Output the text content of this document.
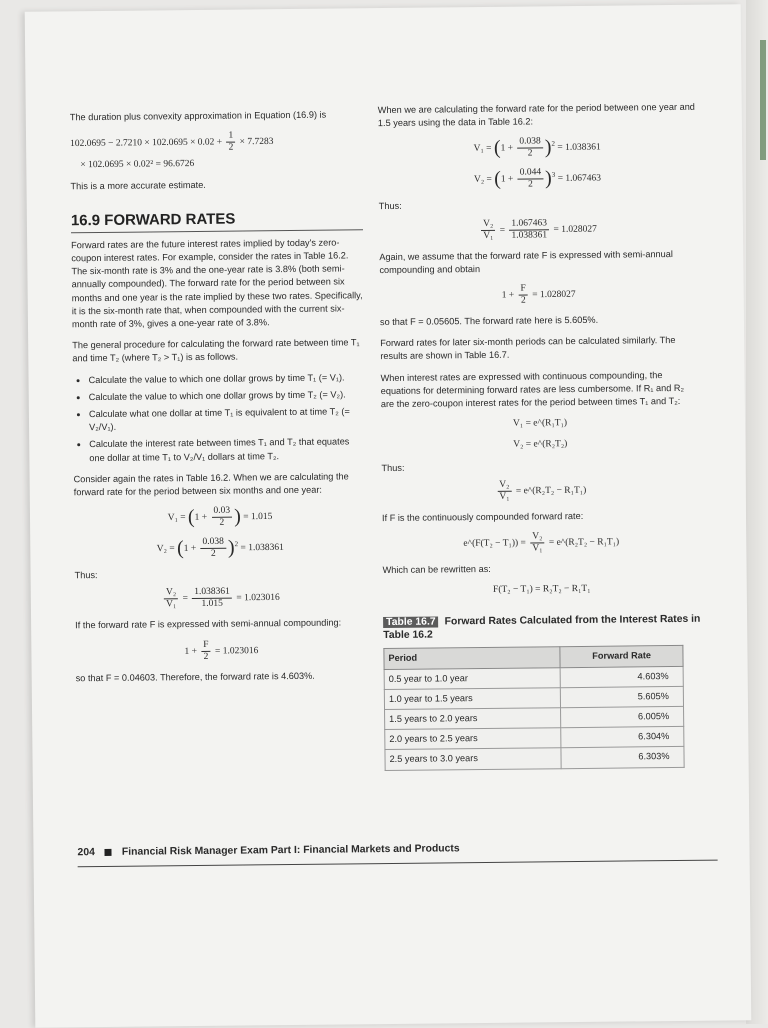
The duration plus convexity approximation in Equation (16.9) is

$102.0695 - 2.7210 \times 102.0695 \times 0.02 + \frac{1}{2} \times 7.7283$
× 102.0695 × 0.02² = 96.6726

This is a more accurate estimate.

16.9 FORWARD RATES

Forward rates are the future interest rates implied by today's zero-coupon interest rates. For example, consider the rates in Table 16.2. The six-month rate is 3% and the one-year rate is 3.8% (both semi-annually compounded). The forward rate for the period between six months and one year is the rate implied by these two rates. Specifically, it is the six-month rate that, when compounded with the current six-month rate of 3%, gives a one-year rate of 3.8%.

The general procedure for calculating the forward rate between time T₁ and time T₂ (where T₂ > T₁) is as follows.

• Calculate the value to which one dollar grows by time T₁ (= V₁).
• Calculate the value to which one dollar grows by time T₂ (= V₂).
• Calculate what one dollar at time T₁ is equivalent to at time T₂ (= V₂/V₁).
• Calculate the interest rate between times T₁ and T₂ that equates one dollar at time T₁ to V₂/V₁ dollars at time T₂.

Consider again the rates in Table 16.2. When we are calculating the forward rate for the period between six months and one year:

$V_1 = (1 + \frac{0.03}{2}$ ) = 1.015
$V_2 = (1 + \frac{0.038}{2} )^2 = 1.038361$
Thus:
$\frac{\text{V₂}}{\text{V₁}} = \frac{1.038361}{1.015} = 1.023016$

If the forward rate F is expressed with semi-annual compounding:

$1 + \frac{F}{2} = 1.023016$

so that F = 0.04603. Therefore, the forward rate is 4.603%.

When we are calculating the forward rate for the period between one year and 1.5 years using the data in Table 16.2:

$V_1 = (1 + \frac{0.038}{2} )^2 = 1.038361$
$V_2 = (1 + \frac{0.044}{2} )^3 = 1.067463$
Thus:
$\frac{\text{V₂}}{\text{V₁}} = \frac{1.067463}{1.038361} = 1.028027$

Again, we assume that the forward rate F is expressed with semi-annual compounding and obtain

$1 + \frac{F}{2} = 1.028027$

so that F = 0.05605. The forward rate here is 5.605%.

Forward rates for later six-month periods can be calculated similarly. The results are shown in Table 16.7.

When interest rates are expressed with continuous compounding, the equations for determining forward rates are less cumbersome. If R₁ and R₂ are the zero-coupon interest rates for the period between times T₁ and T₂:

V₁ = e^(R₁T₁)
V₂ = e^(R₂T₂)
Thus:
$\frac{\text{V₂}}{\text{V₁}}$ = e^(R₂T₂ − R₁T₁)

If F is the continuously compounded forward rate:

e^(F(T₂ − $T_1)) = \frac{\text{V₂}}{\text{V₁}}$ = e^(R₂T₂ − R₁T₁)

Which can be rewritten as:

F(T₂ − T₁) = R₂T₂ − R₁T₁
Table 16.7 Forward Rates Calculated from the Interest Rates in Table 16.2
Period	Forward Rate
0.5 year to 1.0 year	4.603%
1.0 year to 1.5 years	5.605%
1.5 years to 2.0 years	6.005%
2.0 years to 2.5 years	6.304%
2.5 years to 3.0 years	6.303%
204	Financial Risk Manager Exam Part I: Financial Markets and Products
